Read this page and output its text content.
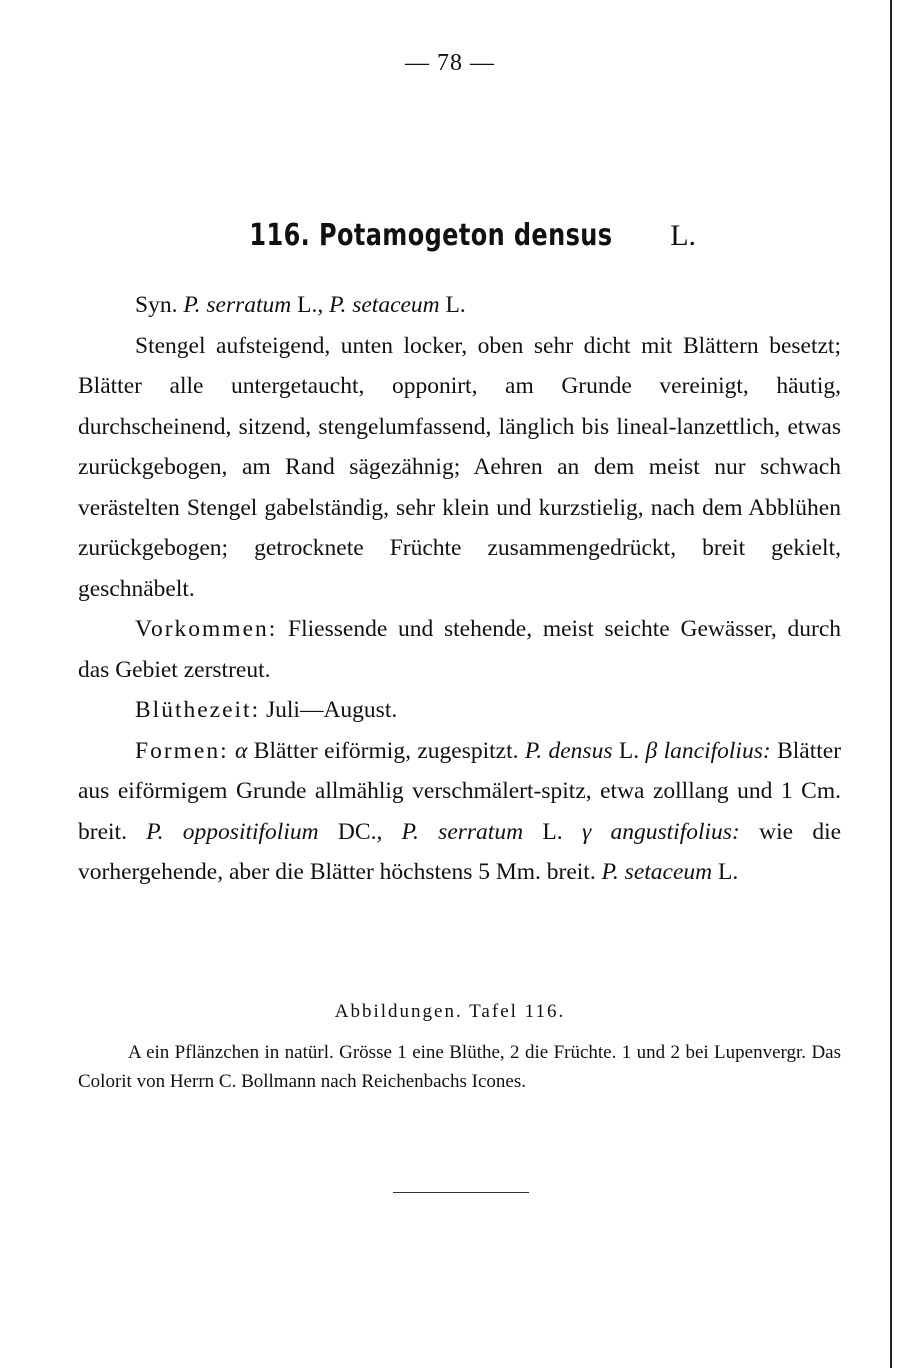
— 78 —
116. Potamogeton densus L.

Syn. P. serratum L., P. setaceum L.

Stengel aufsteigend, unten locker, oben sehr dicht mit Blättern besetzt; Blätter alle untergetaucht, opponirt, am Grunde vereinigt, häutig, durchscheinend, sitzend, stengelumfassend, länglich bis lineal-lanzettlich, etwas zurückgebogen, am Rand sägezähnig; Aehren an dem meist nur schwach verästelten Stengel gabelständig, sehr klein und kurzstielig, nach dem Abblühen zurückgebogen; getrocknete Früchte zusammengedrückt, breit gekielt, geschnäbelt.

Vorkommen: Fliessende und stehende, meist seichte Gewässer, durch das Gebiet zerstreut.

Blüthezeit: Juli—August.

Formen: α Blätter eiförmig, zugespitzt. P. densus L. β lancifolius: Blätter aus eiförmigem Grunde allmählig verschmälert-spitz, etwa zolllang und 1 Cm. breit. P. oppositifolium DC., P. serratum L. γ angustifolius: wie die vorhergehende, aber die Blätter höchstens 5 Mm. breit. P. setaceum L.

Abbildungen. Tafel 116.

A ein Pflänzchen in natürl. Grösse 1 eine Blüthe, 2 die Früchte. 1 und 2 bei Lupenvergr. Das Colorit von Herrn C. Bollmann nach Reichenbachs Icones.
